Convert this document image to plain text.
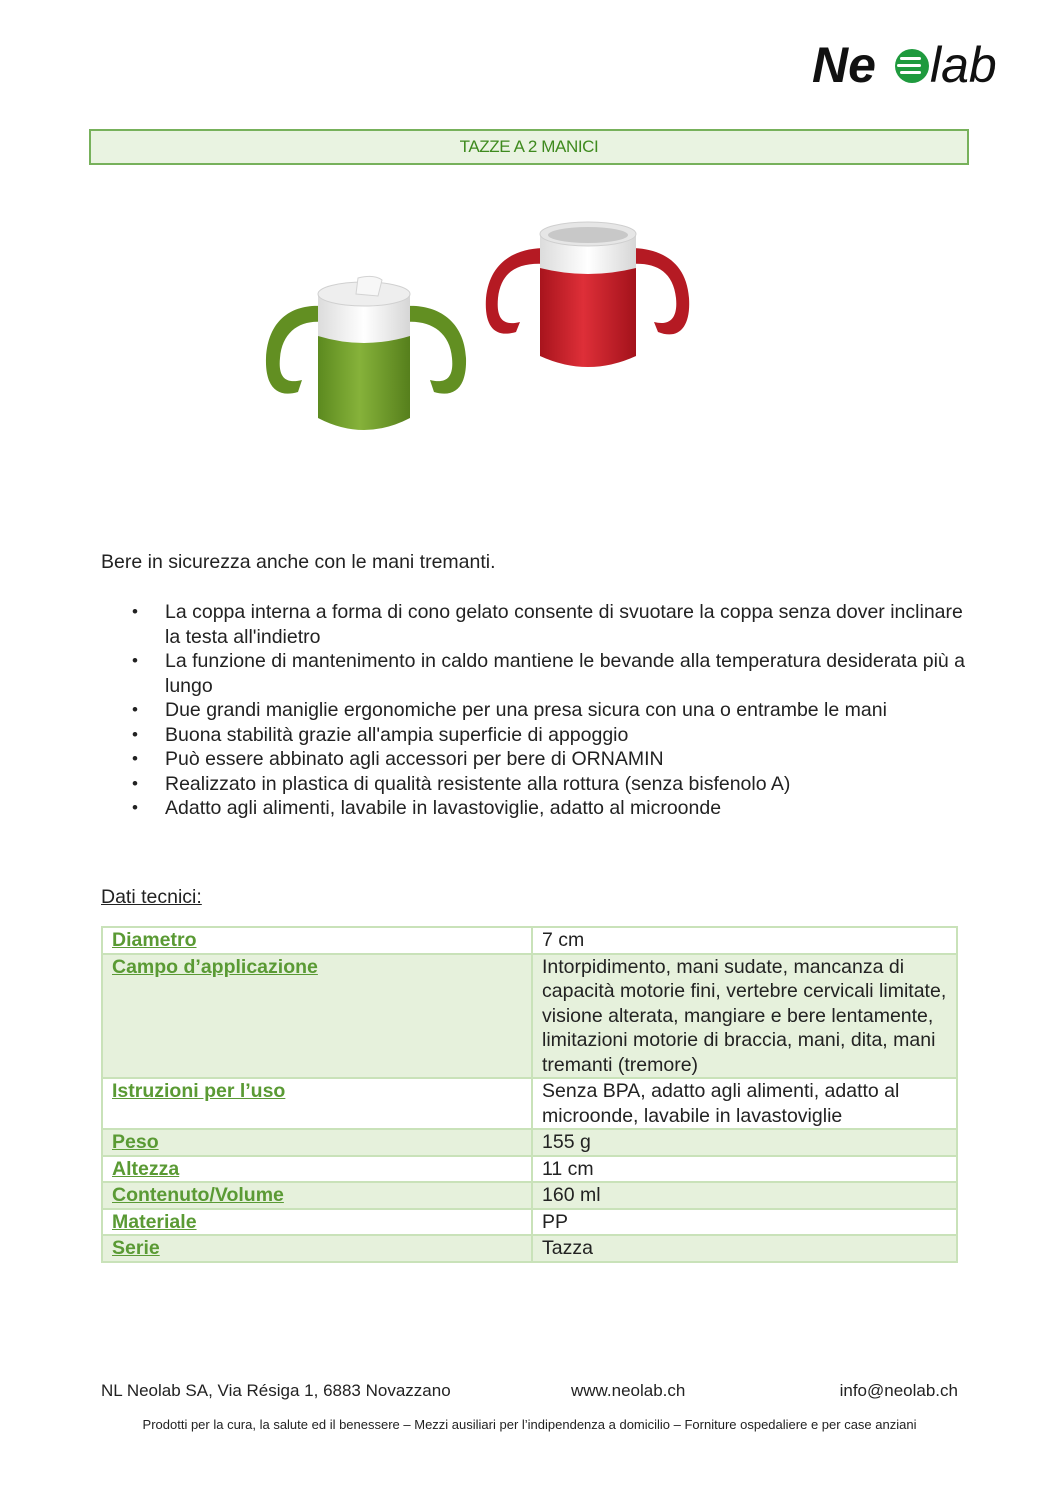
Ne lab
TAZZE A 2 MANICI
Bere in sicurezza anche con le mani tremanti.
• La coppa interna a forma di cono gelato consente di svuotare la coppa senza dover inclinare la testa all'indietro
• La funzione di mantenimento in caldo mantiene le bevande alla temperatura desiderata più a lungo
• Due grandi maniglie ergonomiche per una presa sicura con una o entrambe le mani
• Buona stabilità grazie all'ampia superficie di appoggio
• Può essere abbinato agli accessori per bere di ORNAMIN
• Realizzato in plastica di qualità resistente alla rottura (senza bisfenolo A)
• Adatto agli alimenti, lavabile in lavastoviglie, adatto al microonde
Dati tecnici:
Diametro	7 cm
Campo d’applicazione	Intorpidimento, mani sudate, mancanza di capacità motorie fini, vertebre cervicali limitate, visione alterata, mangiare e bere lentamente, limitazioni motorie di braccia, mani, dita, mani tremanti (tremore)
Istruzioni per l’uso	Senza BPA, adatto agli alimenti, adatto al microonde, lavabile in lavastoviglie
Peso	155 g
Altezza	11 cm
Contenuto/Volume	160 ml
Materiale	PP
Serie	Tazza
NL Neolab SA, Via Résiga 1, 6883 Novazzano	www.neolab.ch	info@neolab.ch
Prodotti per la cura, la salute ed il benessere – Mezzi ausiliari per l’indipendenza a domicilio – Forniture ospedaliere e per case anziani
